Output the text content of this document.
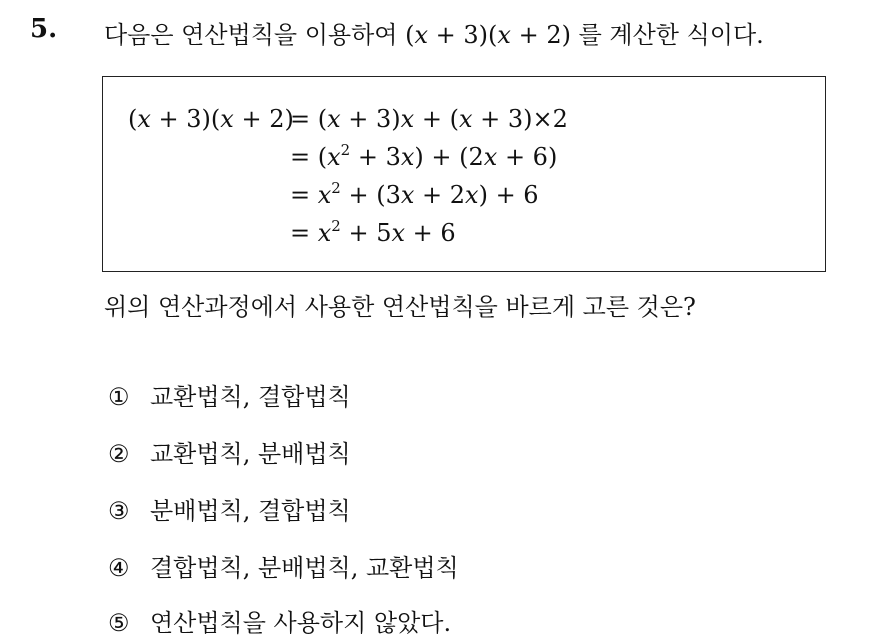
5. 다음은 연산법칙을 이용하여 (x + 3)(x + 2) 를 계산한 식이다.
(x + 3)(x + 2)
= (x + 3)x + (x + 3)×2
= $(x^2 + 3x) + (2x + 6)$
= $x^2 + (3x + 2x) + 6$
= $x^2 + 5x + 6$
위의 연산과정에서 사용한 연산법칙을 바르게 고른 것은?
① 교환법칙, 결합법칙
② 교환법칙, 분배법칙
③ 분배법칙, 결합법칙
④ 결합법칙, 분배법칙, 교환법칙
⑤ 연산법칙을 사용하지 않았다.
